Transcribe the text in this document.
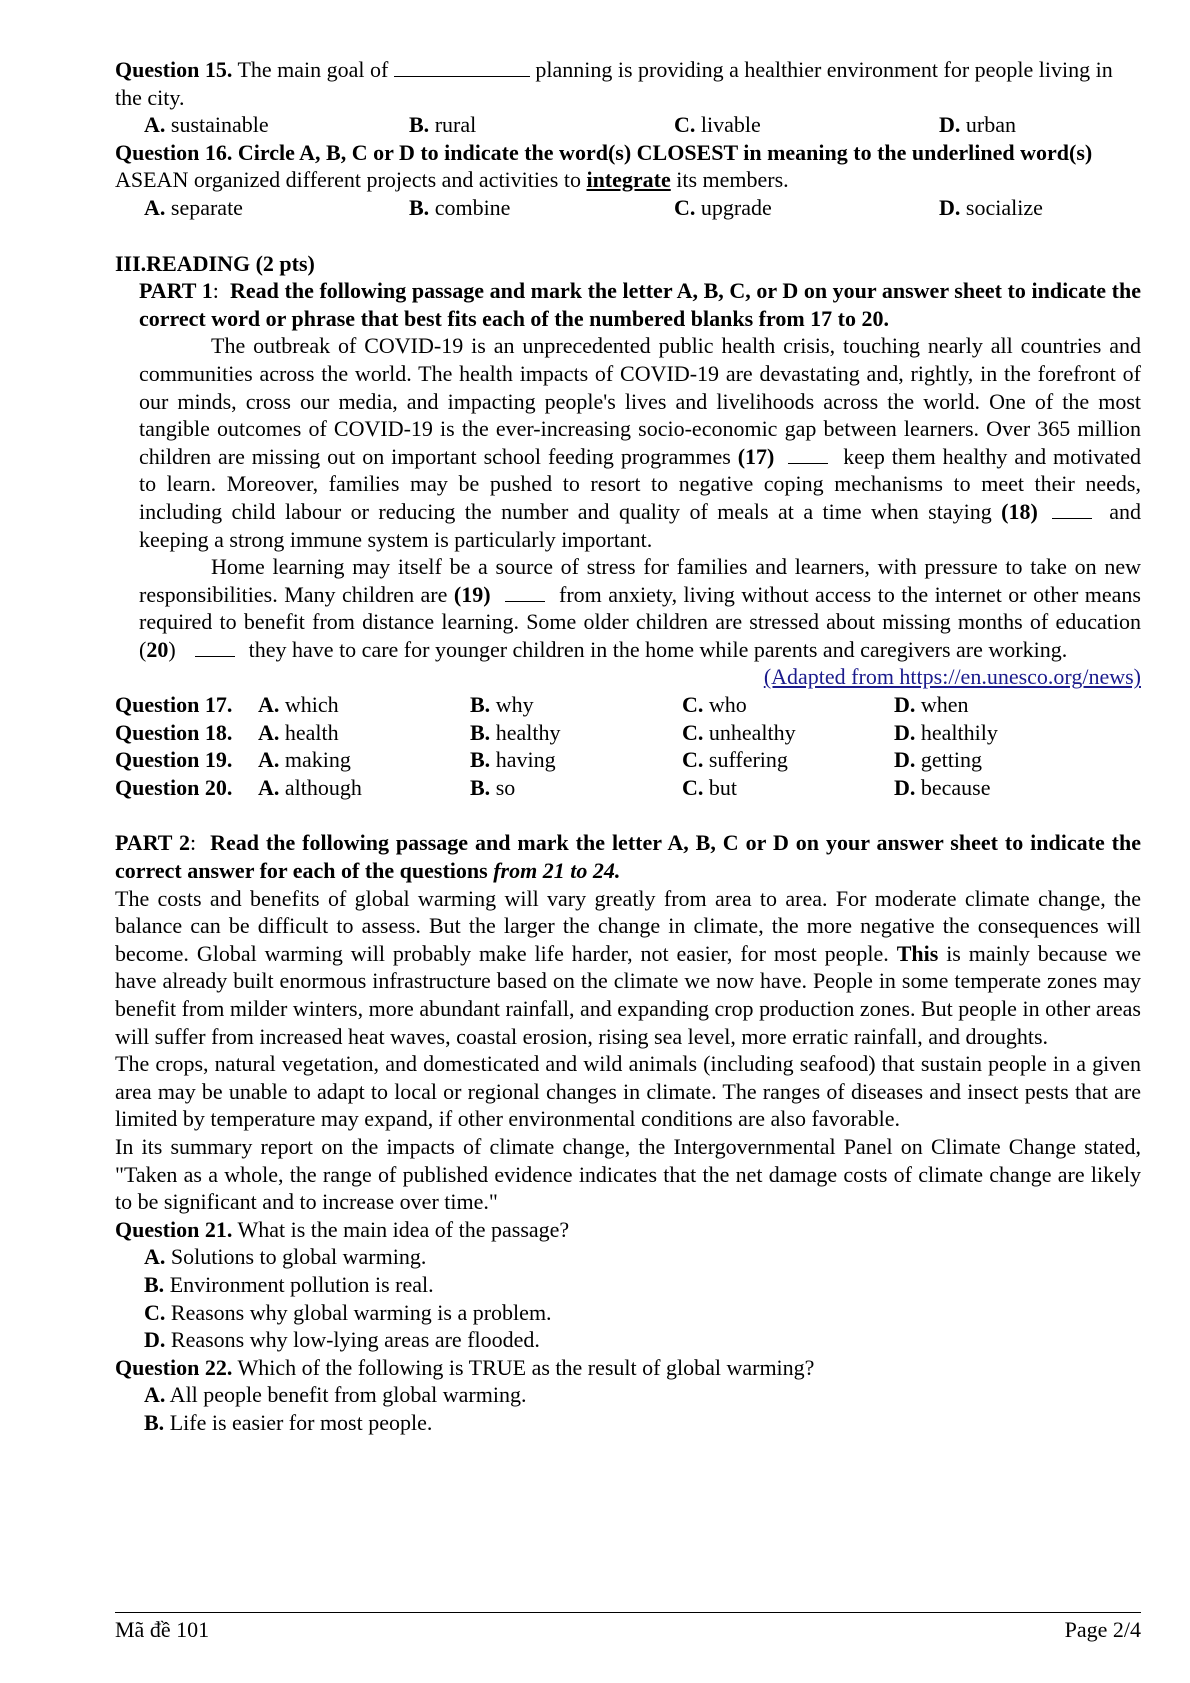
Question 15. The main goal of	planning is providing a healthier environment for people living in the city.
A. sustainable	B. rural	C. livable	D. urban
Question 16. Circle A, B, C or D to indicate the word(s) CLOSEST in meaning to the underlined word(s)
ASEAN organized different projects and activities to integrate its members.
A. separate	B. combine	C. upgrade	D. socialize
III.READING (2 pts)
PART 1:  Read the following passage and mark the letter A, B, C, or D on your answer sheet to indicate the correct word or phrase that best fits each of the numbered blanks from 17 to 20.
The outbreak of COVID-19 is an unprecedented public health crisis, touching nearly all countries and communities across the world. The health impacts of COVID-19 are devastating and, rightly, in the forefront of our minds, cross our media, and impacting people's lives and livelihoods across the world. One of the most tangible outcomes of COVID-19 is the ever-increasing socio-economic gap between learners. Over 365 million children are missing out on important school feeding programmes (17)	keep them healthy and motivated to learn. Moreover, families may be pushed to resort to negative coping mechanisms to meet their needs, including child labour or reducing the number and quality of meals at a time when staying (18)	and keeping a strong immune system is particularly important.
Home learning may itself be a source of stress for families and learners, with pressure to take on new responsibilities. Many children are (19)	from anxiety, living without access to the internet or other means required to benefit from distance learning. Some older children are stressed about missing months of education (20)	they have to care for younger children in the home while parents and caregivers are working.
(Adapted from https://en.unesco.org/news)
Question 17.	A. which	B. why	C. who	D. when
Question 18.	A. health	B. healthy	C. unhealthy	D. healthily
Question 19.	A. making	B. having	C. suffering	D. getting
Question 20.	A. although	B. so	C. but	D. because
PART 2:  Read the following passage and mark the letter A, B, C or D on your answer sheet to indicate the correct answer for each of the questions from 21 to 24.
The costs and benefits of global warming will vary greatly from area to area. For moderate climate change, the balance can be difficult to assess. But the larger the change in climate, the more negative the consequences will become. Global warming will probably make life harder, not easier, for most people. This is mainly because we have already built enormous infrastructure based on the climate we now have. People in some temperate zones may benefit from milder winters, more abundant rainfall, and expanding crop production zones. But people in other areas will suffer from increased heat waves, coastal erosion, rising sea level, more erratic rainfall, and droughts.
The crops, natural vegetation, and domesticated and wild animals (including seafood) that sustain people in a given area may be unable to adapt to local or regional changes in climate. The ranges of diseases and insect pests that are limited by temperature may expand, if other environmental conditions are also favorable.
In its summary report on the impacts of climate change, the Intergovernmental Panel on Climate Change stated, "Taken as a whole, the range of published evidence indicates that the net damage costs of climate change are likely to be significant and to increase over time."
Question 21. What is the main idea of the passage?
A. Solutions to global warming.
B. Environment pollution is real.
C. Reasons why global warming is a problem.
D. Reasons why low-lying areas are flooded.
Question 22. Which of the following is TRUE as the result of global warming?
A. All people benefit from global warming.
B. Life is easier for most people.
Mã đề 101	Page 2/4
